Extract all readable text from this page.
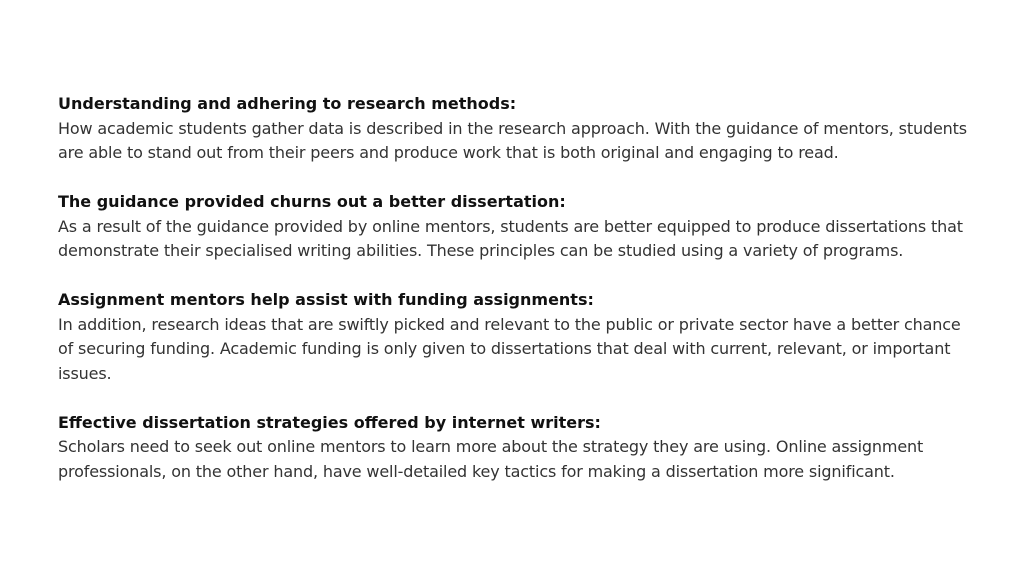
Understanding and adhering to research methods:

How academic students gather data is described in the research approach. With the guidance of mentors, students are able to stand out from their peers and produce work that is both original and engaging to read.

The guidance provided churns out a better dissertation:

As a result of the guidance provided by online mentors, students are better equipped to produce dissertations that demonstrate their specialised writing abilities. These principles can be studied using a variety of programs.

Assignment mentors help assist with funding assignments:

In addition, research ideas that are swiftly picked and relevant to the public or private sector have a better chance of securing funding. Academic funding is only given to dissertations that deal with current, relevant, or important issues.

Effective dissertation strategies offered by internet writers:

Scholars need to seek out online mentors to learn more about the strategy they are using. Online assignment professionals, on the other hand, have well-detailed key tactics for making a dissertation more significant.
